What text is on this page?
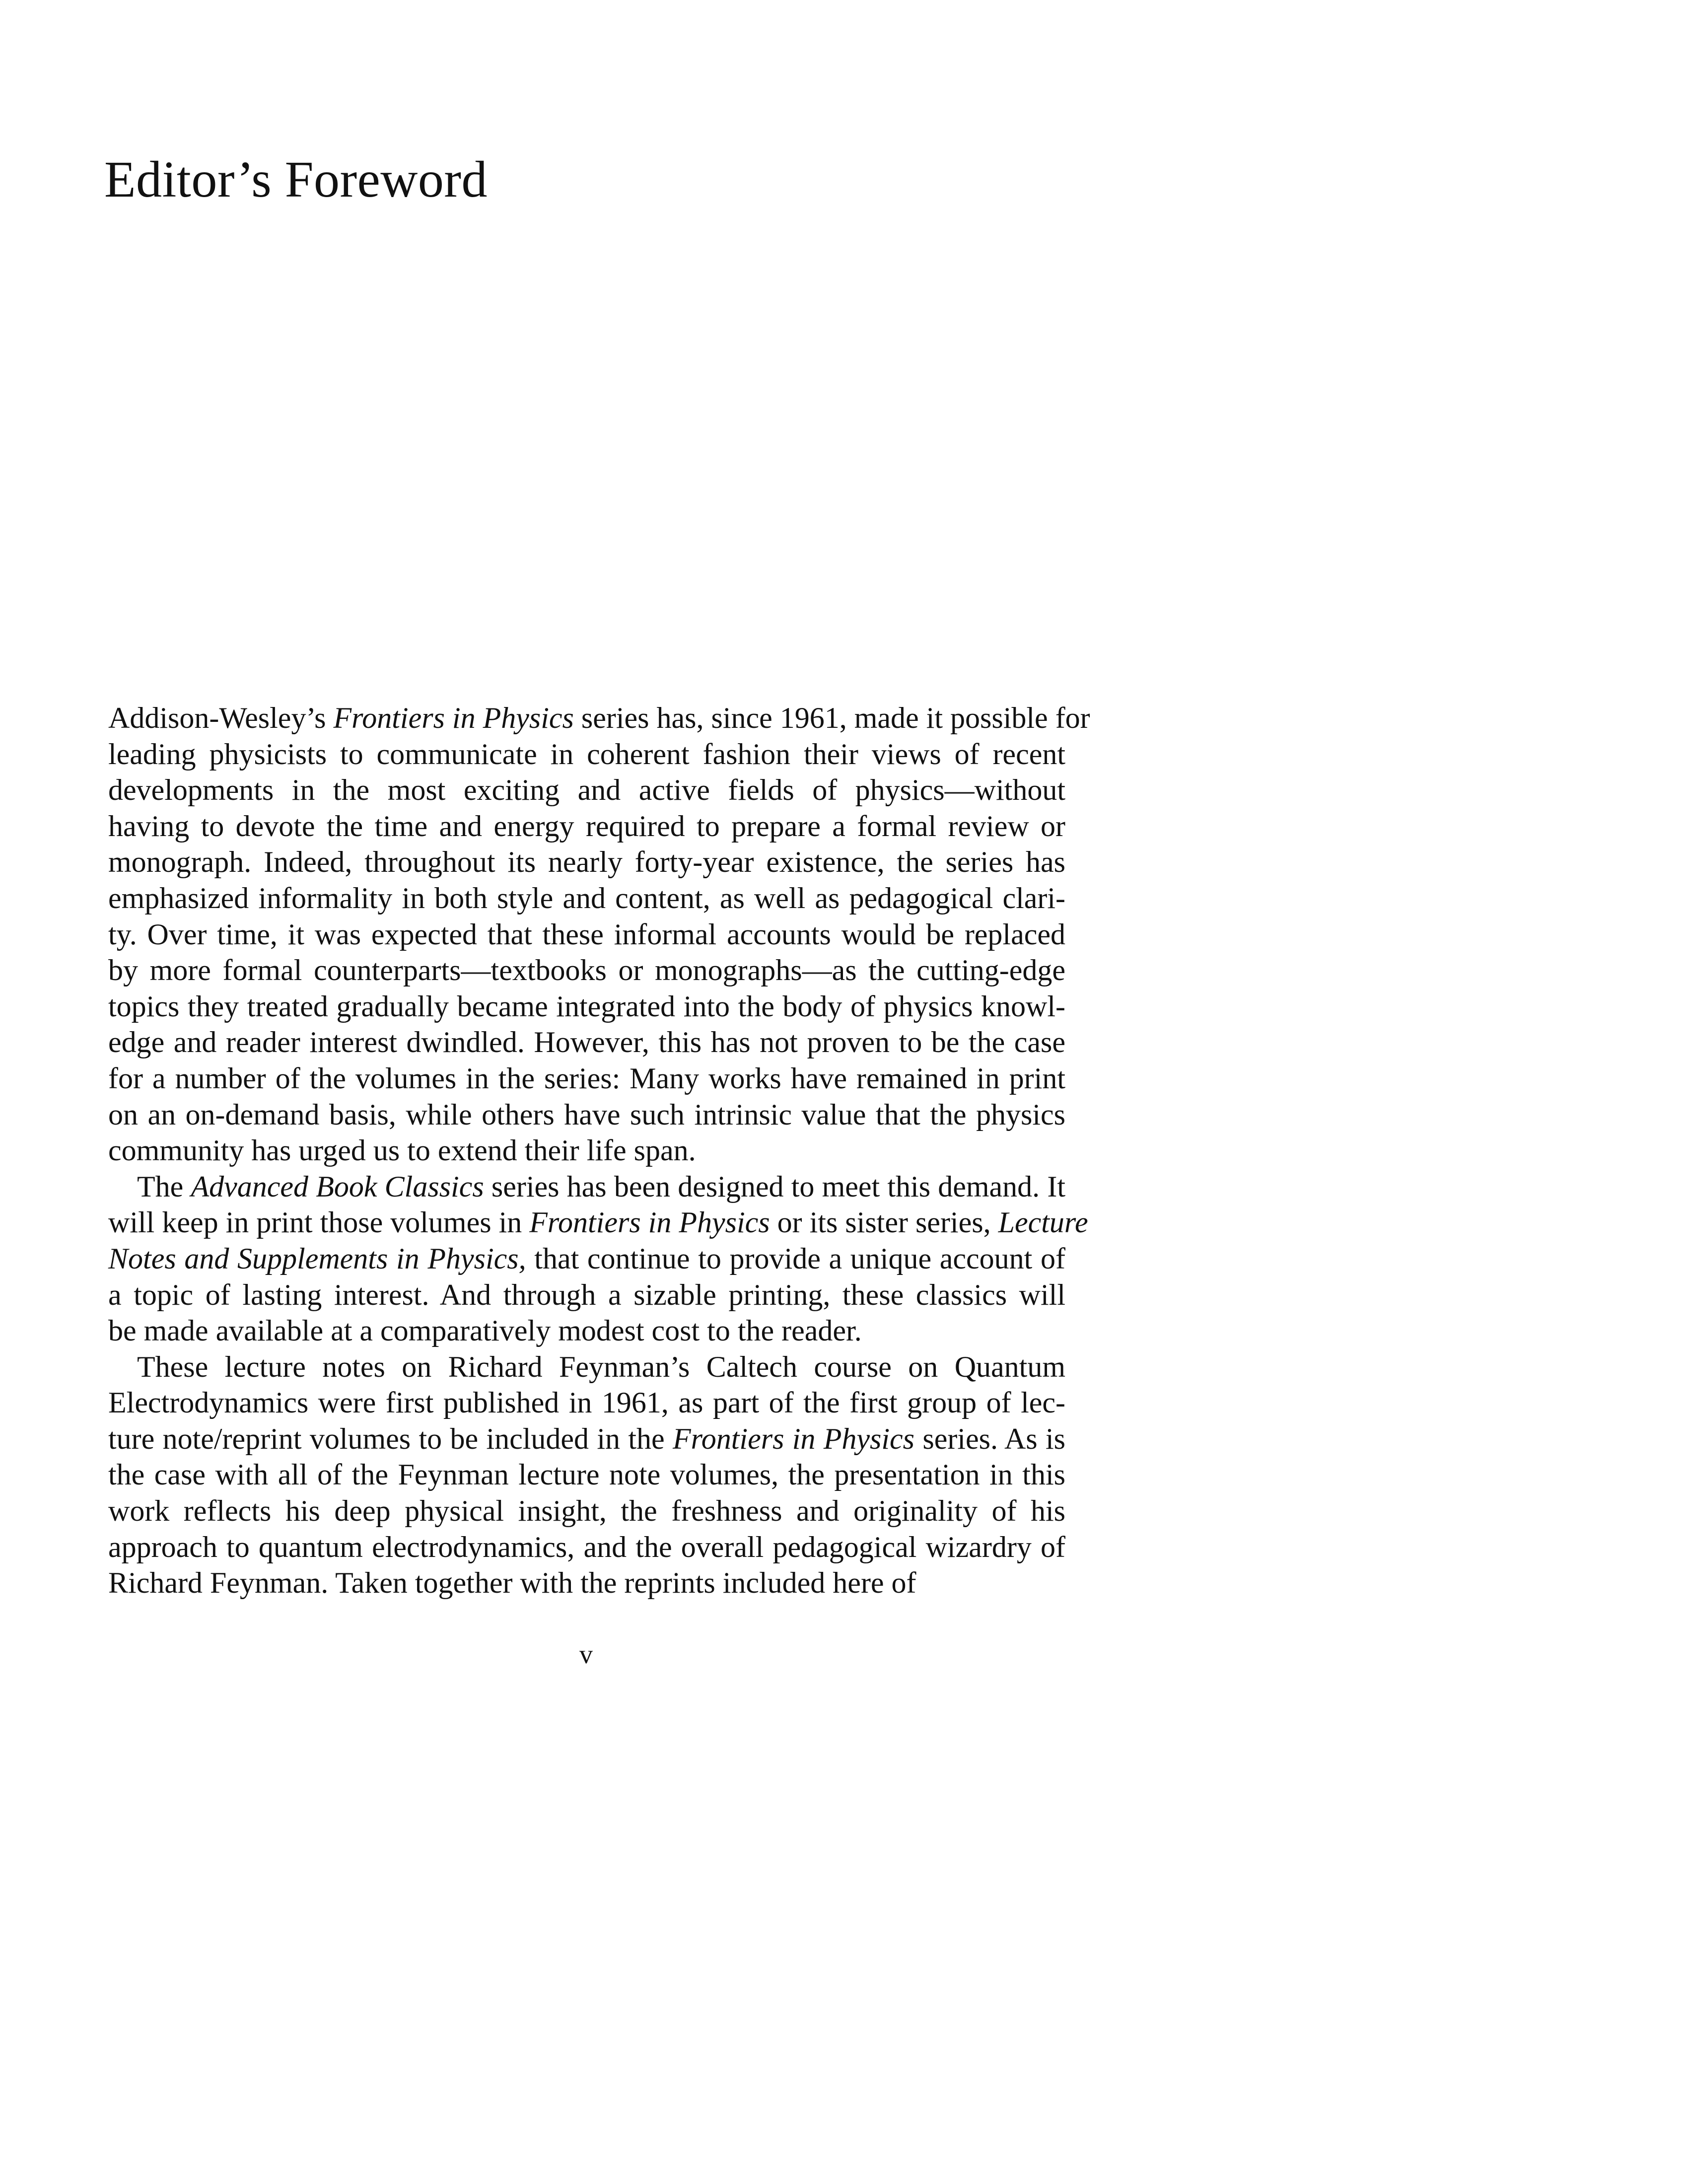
Editor’s Foreword
Addison-Wesley’s Frontiers in Physics series has, since 1961, made it possible for
leading physicists to communicate in coherent fashion their views of recent
developments in the most exciting and active fields of physics—without
having to devote the time and energy required to prepare a formal review or
monograph. Indeed, throughout its nearly forty-year existence, the series has
emphasized informality in both style and content, as well as pedagogical clari-
ty. Over time, it was expected that these informal accounts would be replaced
by more formal counterparts—textbooks or monographs—as the cutting-edge
topics they treated gradually became integrated into the body of physics knowl-
edge and reader interest dwindled. However, this has not proven to be the case
for a number of the volumes in the series: Many works have remained in print
on an on-demand basis, while others have such intrinsic value that the physics
community has urged us to extend their life span.
The Advanced Book Classics series has been designed to meet this demand. It
will keep in print those volumes in Frontiers in Physics or its sister series, Lecture
Notes and Supplements in Physics, that continue to provide a unique account of
a topic of lasting interest. And through a sizable printing, these classics will
be made available at a comparatively modest cost to the reader.
These lecture notes on Richard Feynman’s Caltech course on Quantum
Electrodynamics were first published in 1961, as part of the first group of lec-
ture note/reprint volumes to be included in the Frontiers in Physics series. As is
the case with all of the Feynman lecture note volumes, the presentation in this
work reflects his deep physical insight, the freshness and originality of his
approach to quantum electrodynamics, and the overall pedagogical wizardry of
Richard Feynman. Taken together with the reprints included here of
v
